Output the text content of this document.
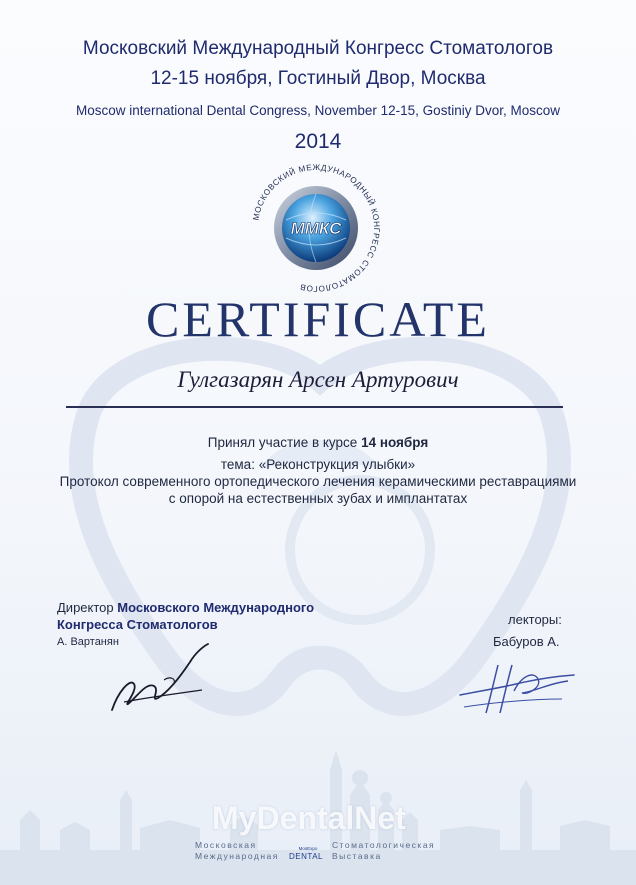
Московский Международный Конгресс Стоматологов
12-15 ноября, Гостиный Двор, Москва
Moscow international Dental Congress, November 12-15, Gostiniy Dvor, Moscow
2014
ММКС
МОСКОВСКИЙ МЕЖДУНАРОДНЫЙ КОНГРЕСС СТОМАТОЛОГОВ
CERTIFICATE
Гулгазарян Арсен Артурович
Принял участие в курсе 14 ноября
тема: «Реконструкция улыбки»
Протокол современного ортопедического лечения керамическими реставрациями
с опорой на естественных зубах и имплантатах
Директор Московского Международного
Конгресса Стоматологов
А. Вартанян
лекторы:
Бабуров А.
MyDentalNet
Московская
Международная
MosExpo
DENTAL
Стоматологическая
Выставка
